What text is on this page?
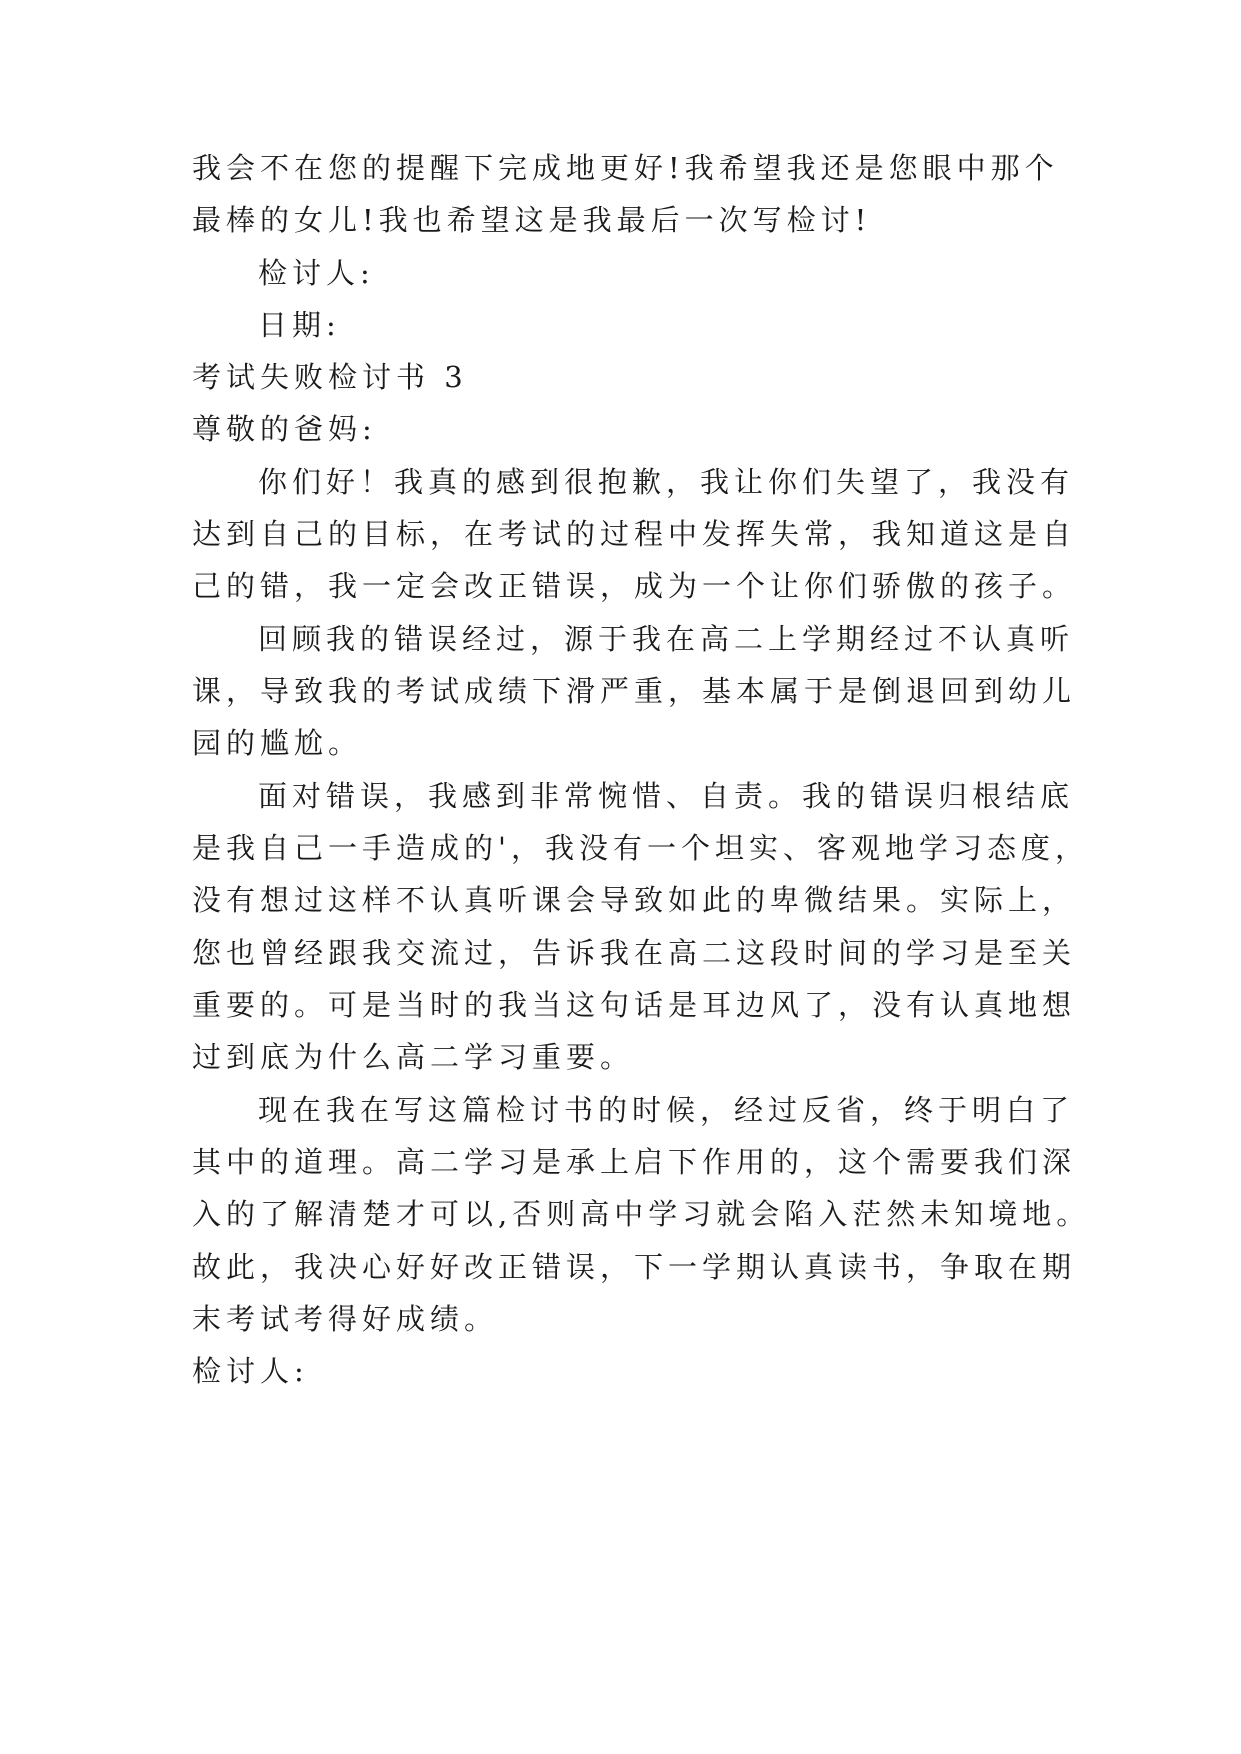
我会不在您的提醒下完成地更好!我希望我还是您眼中那个
最棒的女儿!我也希望这是我最后一次写检讨!
检讨人:
日期:
考试失败检讨书 3
尊敬的爸妈:
你们好！我真的感到很抱歉，我让你们失望了，我没有
达到自己的目标，在考试的过程中发挥失常，我知道这是自
己的错，我一定会改正错误，成为一个让你们骄傲的孩子。
回顾我的错误经过，源于我在高二上学期经过不认真听
课，导致我的考试成绩下滑严重，基本属于是倒退回到幼儿
园的尴尬。
面对错误，我感到非常惋惜、自责。我的错误归根结底
是我自己一手造成的'，我没有一个坦实、客观地学习态度，
没有想过这样不认真听课会导致如此的卑微结果。实际上，
您也曾经跟我交流过，告诉我在高二这段时间的学习是至关
重要的。可是当时的我当这句话是耳边风了，没有认真地想
过到底为什么高二学习重要。
现在我在写这篇检讨书的时候，经过反省，终于明白了
其中的道理。高二学习是承上启下作用的，这个需要我们深
入的了解清楚才可以,否则高中学习就会陷入茫然未知境地。
故此，我决心好好改正错误，下一学期认真读书，争取在期
末考试考得好成绩。
检讨人:
